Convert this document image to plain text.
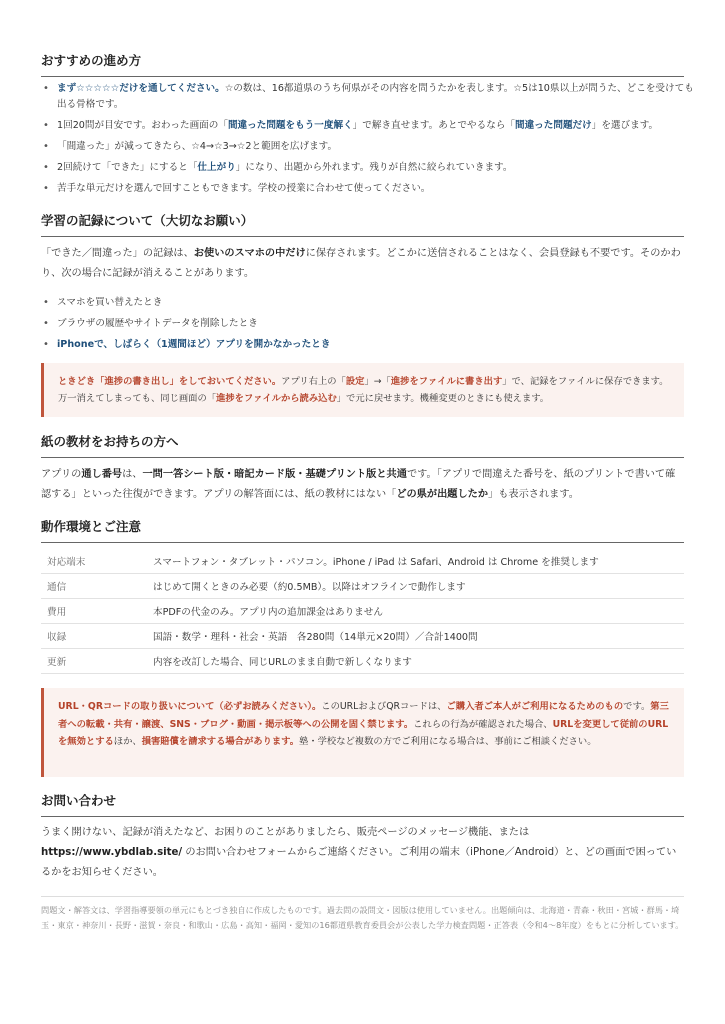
おすすめの進め方
• まず☆☆☆☆☆だけを通してください。☆の数は、16都道県のうち何県がその内容を問うたかを表します。☆5は10県以上が問うた、どこを受けても出る骨格です。
• 1回20問が目安です。おわった画面の「間違った問題をもう一度解く」で解き直せます。あとでやるなら「間違った問題だけ」を選びます。
• 「間違った」が減ってきたら、☆4→☆3→☆2と範囲を広げます。
• 2回続けて「できた」にすると「仕上がり」になり、出題から外れます。残りが自然に絞られていきます。
• 苦手な単元だけを選んで回すこともできます。学校の授業に合わせて使ってください。
学習の記録について（大切なお願い）

「できた／間違った」の記録は、お使いのスマホの中だけに保存されます。どこかに送信されることはなく、会員登録も不要です。そのかわり、次の場合に記録が消えることがあります。

• スマホを買い替えたとき
• ブラウザの履歴やサイトデータを削除したとき
• iPhoneで、しばらく（1週間ほど）アプリを開かなかったとき
ときどき「進捗の書き出し」をしておいてください。アプリ右上の「設定」→「進捗をファイルに書き出す」で、記録をファイルに保存できます。
万一消えてしまっても、同じ画面の「進捗をファイルから読み込む」で元に戻せます。機種変更のときにも使えます。
紙の教材をお持ちの方へ

アプリの通し番号は、一問一答シート版・暗記カード版・基礎プリント版と共通です。「アプリで間違えた番号を、紙のプリントで書いて確認する」といった往復ができます。アプリの解答面には、紙の教材にはない「どの県が出題したか」も表示されます。

動作環境とご注意
対応端末	スマートフォン・タブレット・パソコン。iPhone / iPad は Safari、Android は Chrome を推奨します
通信	はじめて開くときのみ必要（約0.5MB）。以降はオフラインで動作します
費用	本PDFの代金のみ。アプリ内の追加課金はありません
収録	国語・数学・理科・社会・英語　各280問（14単元×20問）／合計1400問
更新	内容を改訂した場合、同じURLのまま自動で新しくなります
URL・QRコードの取り扱いについて（必ずお読みください）。このURLおよびQRコードは、ご購入者ご本人がご利用になるためのものです。第三者への転載・共有・譲渡、SNS・ブログ・動画・掲示板等への公開を固く禁じます。これらの行為が確認された場合、URLを変更して従前のURLを無効とするほか、損害賠償を請求する場合があります。塾・学校など複数の方でご利用になる場合は、事前にご相談ください。
お問い合わせ

うまく開けない、記録が消えたなど、お困りのことがありましたら、販売ページのメッセージ機能、または
https://www.ybdlab.site/ のお問い合わせフォームからご連絡ください。ご利用の端末（iPhone／Android）と、どの画面で困っているかをお知らせください。

問題文・解答文は、学習指導要領の単元にもとづき独自に作成したものです。過去問の設問文・図版は使用していません。出題傾向は、北海道・青森・秋田・宮城・群馬・埼玉・東京・神奈川・長野・滋賀・奈良・和歌山・広島・高知・福岡・愛知の16都道県教育委員会が公表した学力検査問題・正答表（令和4～8年度）をもとに分析しています。
